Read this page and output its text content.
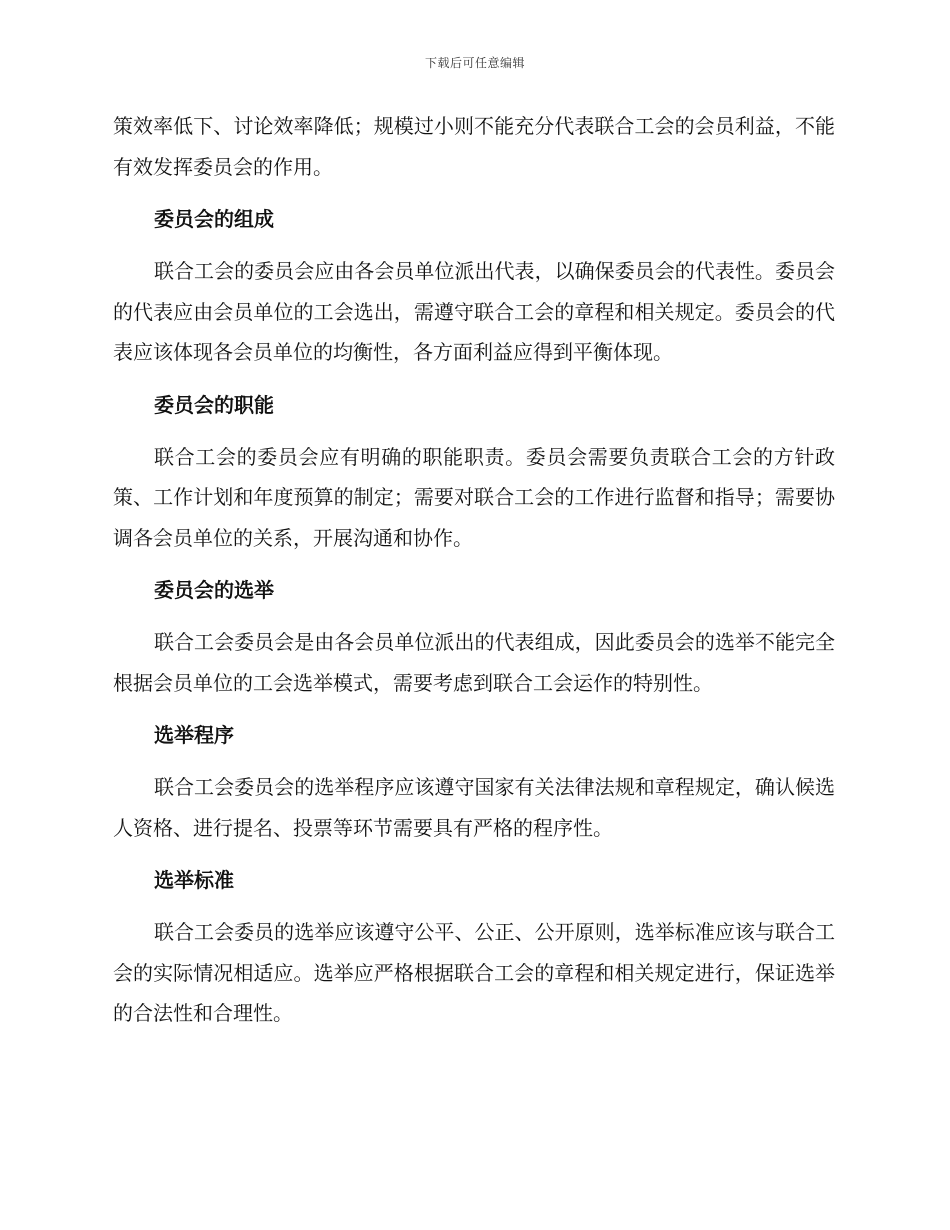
下载后可任意编辑

策效率低下、讨论效率降低；规模过小则不能充分代表联合工会的会员利益，不能有效发挥委员会的作用。

委员会的组成

联合工会的委员会应由各会员单位派出代表，以确保委员会的代表性。委员会的代表应由会员单位的工会选出，需遵守联合工会的章程和相关规定。委员会的代表应该体现各会员单位的均衡性，各方面利益应得到平衡体现。

委员会的职能

联合工会的委员会应有明确的职能职责。委员会需要负责联合工会的方针政策、工作计划和年度预算的制定；需要对联合工会的工作进行监督和指导；需要协调各会员单位的关系，开展沟通和协作。

委员会的选举

联合工会委员会是由各会员单位派出的代表组成，因此委员会的选举不能完全根据会员单位的工会选举模式，需要考虑到联合工会运作的特别性。

选举程序

联合工会委员会的选举程序应该遵守国家有关法律法规和章程规定，确认候选人资格、进行提名、投票等环节需要具有严格的程序性。

选举标准

联合工会委员的选举应该遵守公平、公正、公开原则，选举标准应该与联合工会的实际情况相适应。选举应严格根据联合工会的章程和相关规定进行，保证选举的合法性和合理性。
